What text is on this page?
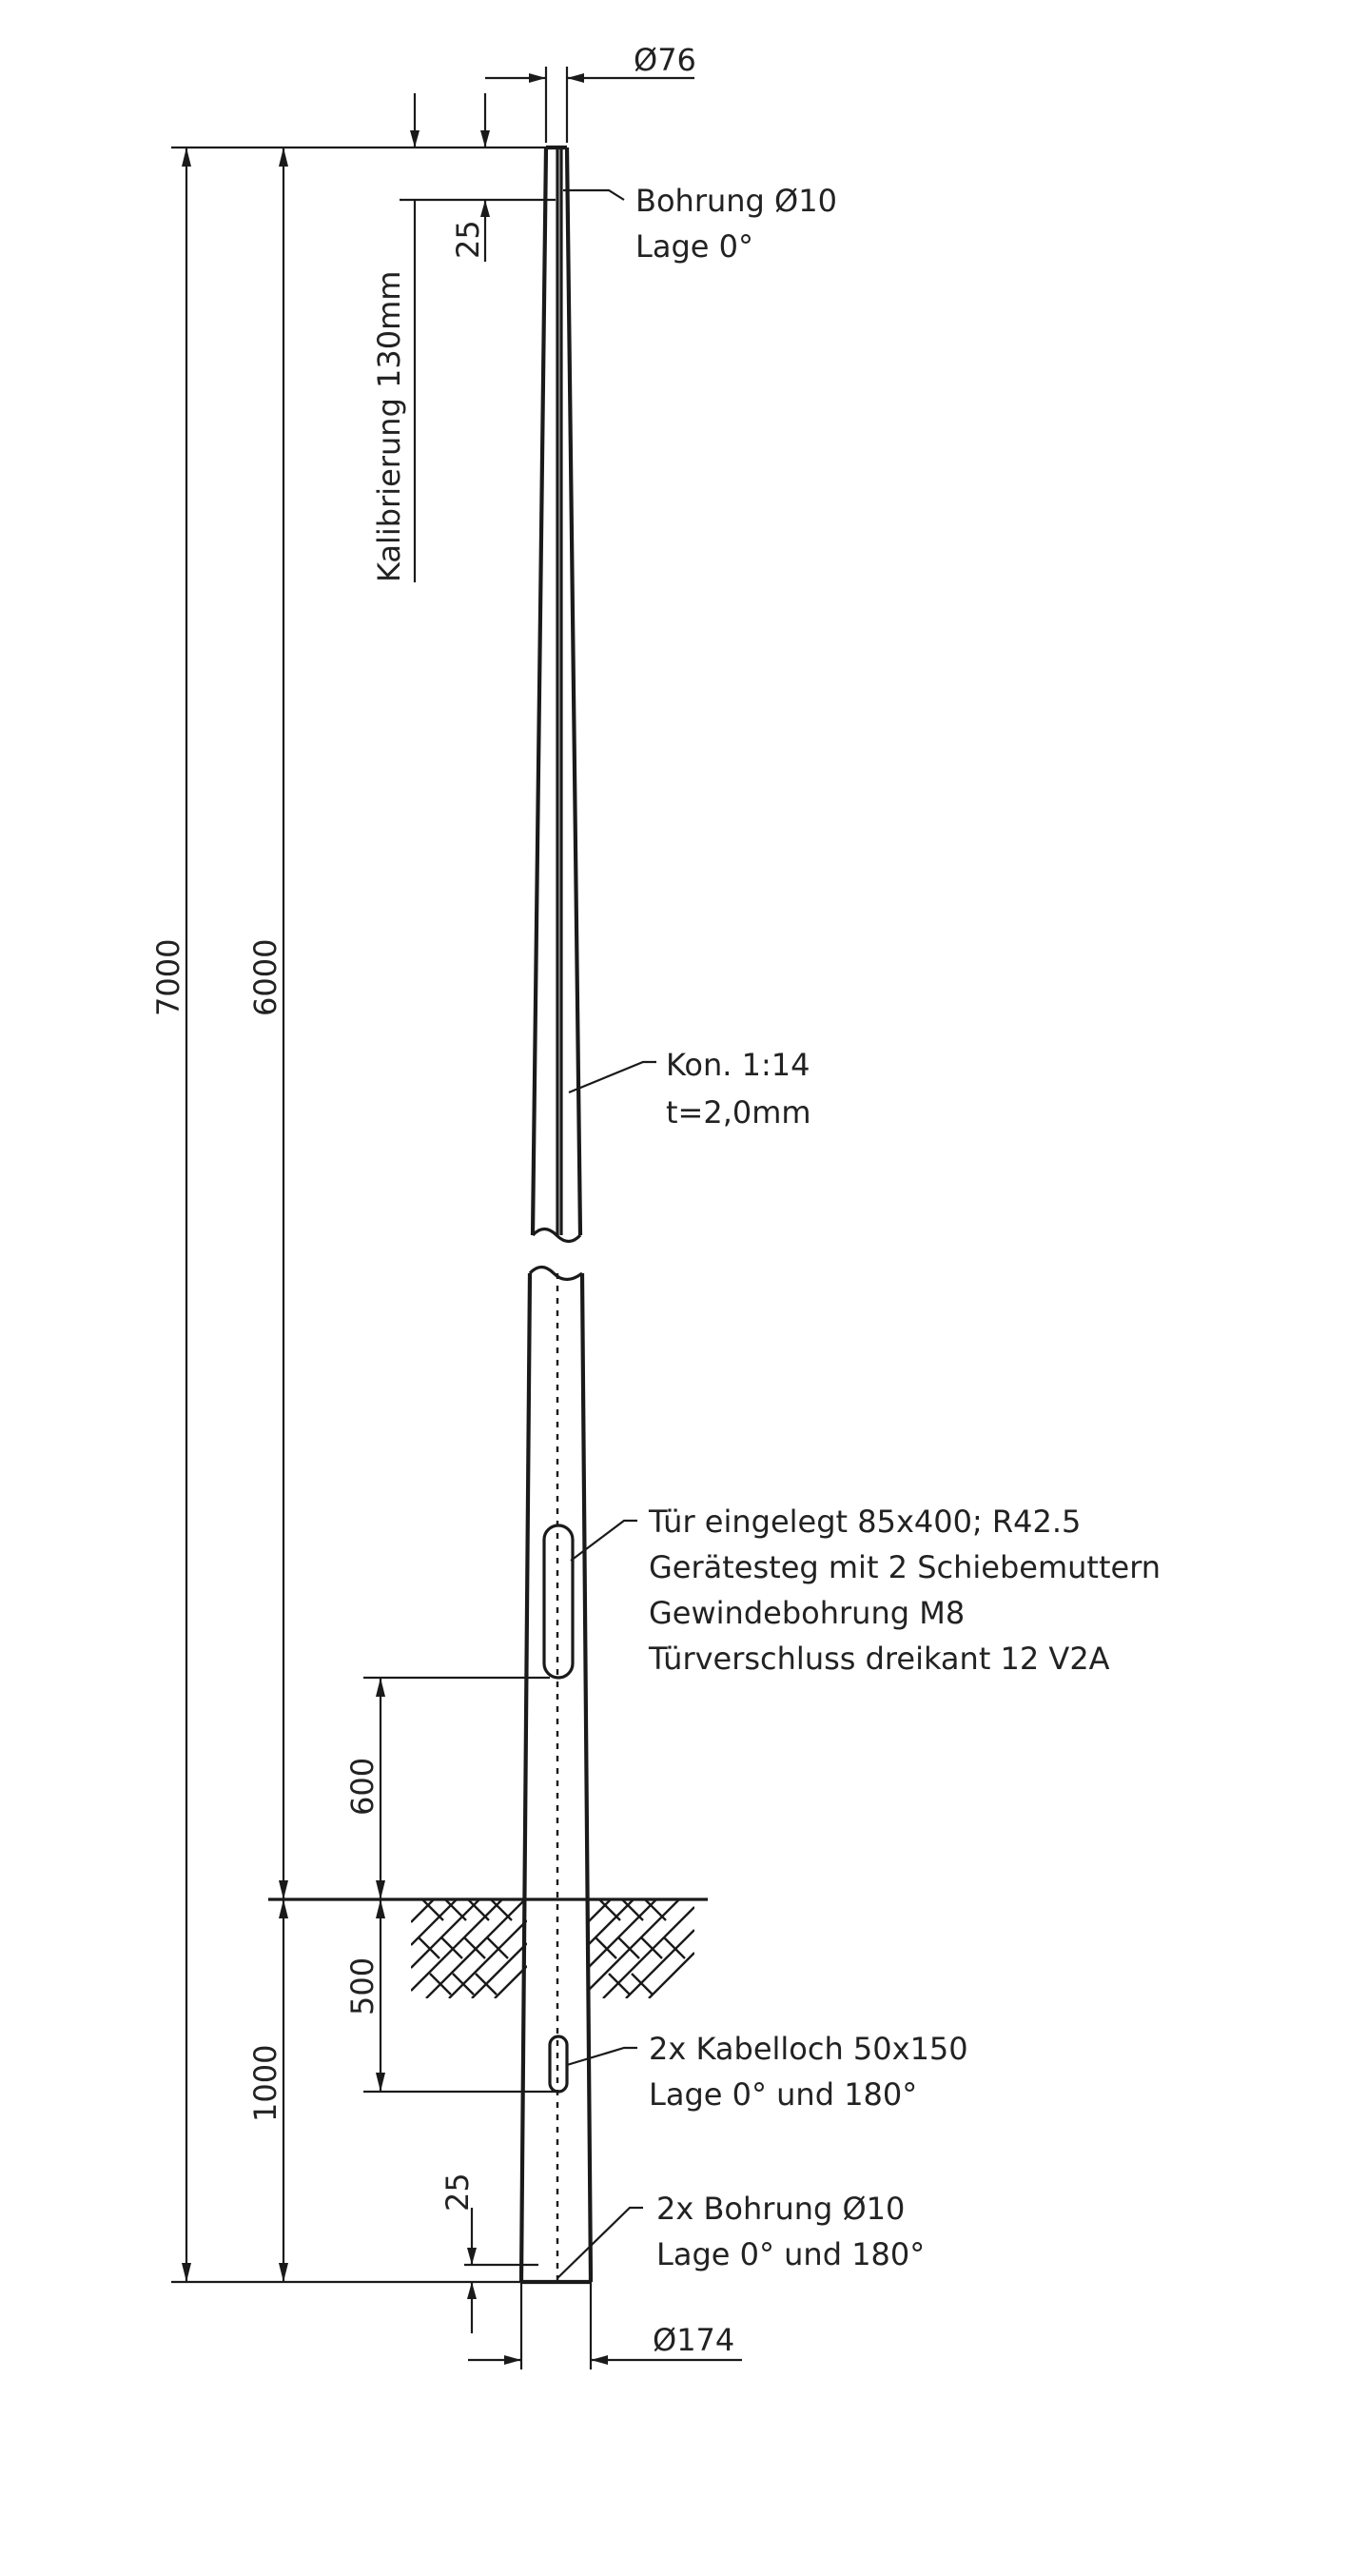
Ø76
Bohrung Ø10
Lage 0°
25
Kalibrierung 130mm
7000 6000
1000
Kon. 1:14
t=2,0mm
Tür eingelegt 85x400; R42.5
Gerätesteg mit 2 Schiebemuttern
Gewindebohrung M8
Türverschluss dreikant 12 V2A
600
500
2x Kabelloch 50x150
Lage 0° und 180°
25	2x Bohrung Ø10
Lage 0° und 180°
Ø174
